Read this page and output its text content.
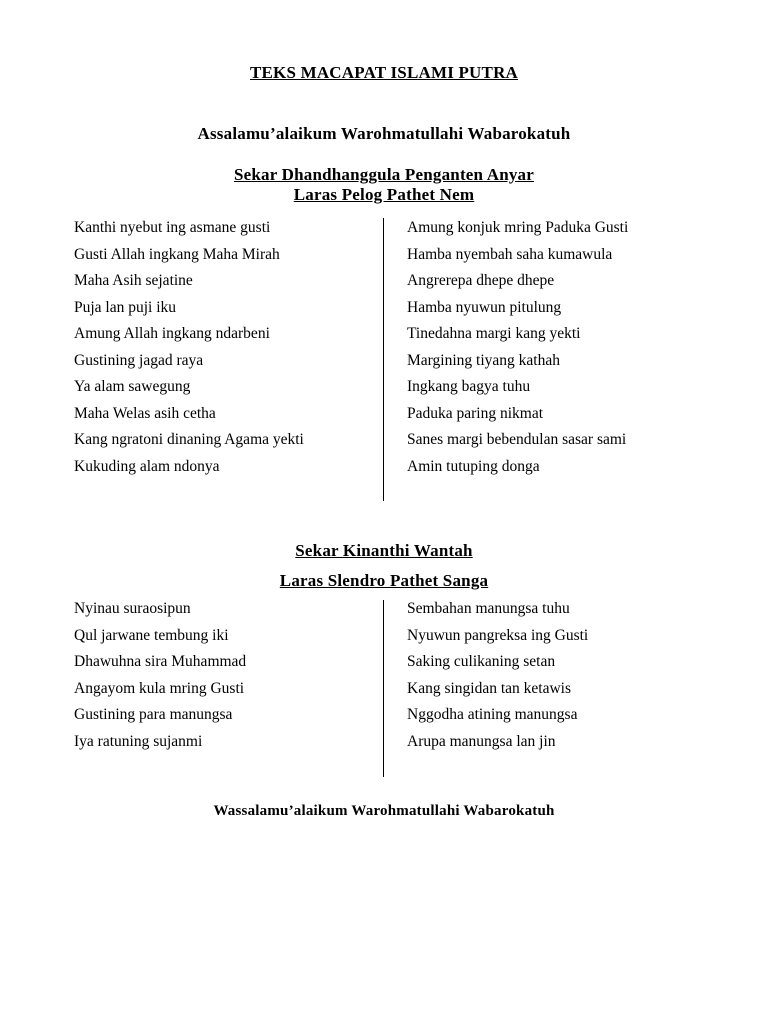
TEKS MACAPAT ISLAMI PUTRA
Assalamu’alaikum Warohmatullahi Wabarokatuh
Sekar Dhandhanggula Penganten Anyar
Laras Pelog Pathet Nem
Kanthi nyebut ing asmane gusti
Gusti Allah ingkang Maha Mirah
Maha Asih sejatine
Puja lan puji iku
Amung Allah ingkang ndarbeni
Gustining jagad raya
Ya alam sawegung
Maha Welas asih cetha
Kang ngratoni dinaning Agama yekti
Kukuding alam ndonya
Amung konjuk mring Paduka Gusti
Hamba nyembah saha kumawula
Angrerepa dhepe dhepe
Hamba nyuwun pitulung
Tinedahna margi kang yekti
Margining tiyang kathah
Ingkang bagya tuhu
Paduka paring nikmat
Sanes margi bebendulan sasar sami
Amin tutuping donga
Sekar Kinanthi Wantah
Laras Slendro Pathet Sanga
Nyinau suraosipun
Qul jarwane tembung iki
Dhawuhna sira Muhammad
Angayom kula mring Gusti
Gustining para manungsa
Iya ratuning sujanmi
Sembahan manungsa tuhu
Nyuwun pangreksa ing Gusti
Saking culikaning setan
Kang singidan tan ketawis
Nggodha atining manungsa
Arupa manungsa lan jin
Wassalamu’alaikum Warohmatullahi Wabarokatuh
